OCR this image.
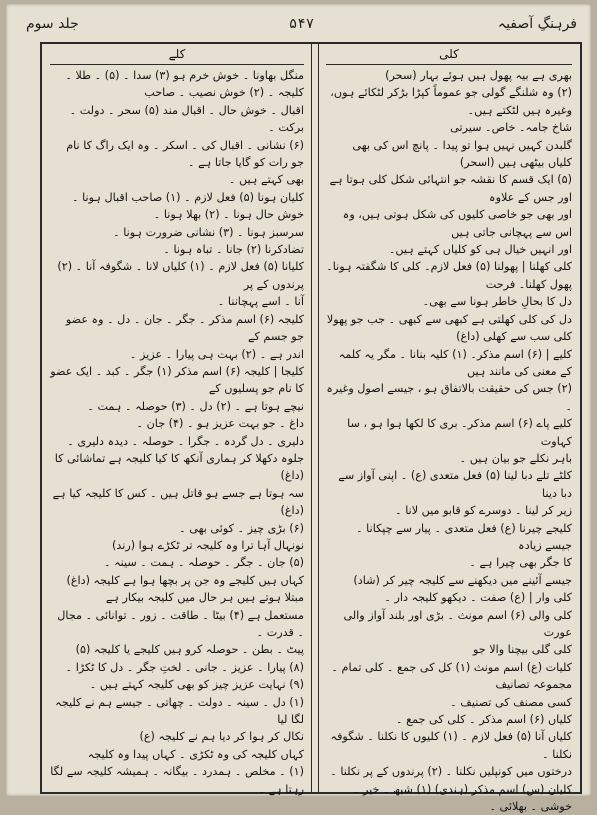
فرہنگِ آصفیہ
۵۴۷
جلد سوم
کلی
بھری ہے بیہ پھول ہیں ہوئے بہار (سحر)
(۲) وہ شلنگے گولی جو عموماً کپڑا بڑکر لٹکائے ہوں، وغیرہ ہیں لٹکتے ہیں۔
شاخ جامہ۔ خاص۔ سیرتی
گلبدن کہیں نہیں ہوا تو پیدا ۔ پانچ اس کی بھی کلیاں بیٹھی ہیں (اسحر)
(۵) ایک قسم کا نقشہ جو انتہائی شکل کلی ہوتا ہے اور جس کے علاوہ
اور بھی جو خاصی کلیوں کی شکل ہوتی ہیں، وہ اس سے پہچانی جاتی ہیں
اور انہیں خیال ہی کو کلیاں کہتے ہیں۔
کلی کھلنا | پھولنا (۵) فعل لازم۔ کلی کا شگفتہ ہونا۔ پھول کھلنا۔ فرحت
دل کا بحالِ خاطر ہونا سے بھی۔
دل کی کلی کھلتی ہے کبھی سے کبھی ۔ جب جو پھولا کلی سب سے کھلی (داغ)
کلیے | (۶) اسم مذکر۔ (۱) کلیہ بنانا ۔ مگر یہ کلمہ کے معنی کی مانند ہیں
(۲) جس کی حقیقت بالاتفاق ہو ، جیسے اصول وغیرہ ۔
کلیے پاے (۶) اسم مذکر۔ بری کا لکھا ہوا ہو ، سا کہاوت
باہر نکلے جو بیان ہیں ۔
کلٹے تلے دبا لینا (۵) فعل متعدی (ع) ۔ اپنی آواز سے دبا دینا
زیر کر لینا ۔ دوسرے کو قابو میں لانا ۔
کلیجے چیرنا (ع) فعل متعدی ۔ پیار سے چپکانا ۔ جیسے زیادہ
کا جگر بھی چیرا ہے ۔
جیسے آئینے میں دیکھنے سے کلیجہ چیر کر (شاد)
کلی وار | (ع) صفت ۔ دیکھو کلیجہ دار ۔
کلی والی (۶) اسم مونث ۔ بڑی اور بلند آواز والی عورت
کلی گلی بیچنا والا جو
کلیات (ع) اسم مونث (۱) کل کی جمع ۔ کلی تمام ۔ مجموعہ تصانیف
کسی مصنف کی تصنیف ۔
کلیاں (۶) اسم مذکر ۔ کلی کی جمع ۔
کلیاں آنا (۵) فعل لازم ۔ (۱) کلیوں کا نکلنا ۔ شگوفہ نکلنا ۔
درختوں میں کونپلیں نکلنا ۔ (۲) پرندوں کے پر نکلنا ۔
کلیان (س) اسم مذکر (ہندی) (۱) شبھ ۔ خیر ۔ خوشی ۔ بھلائی ۔
کلے
منگل بھاونا ۔ خوش خرم ہو (۳) سدا ۔ (۵) ۔ طلا ۔ کلیجہ ۔ (۲) خوش نصیب ۔ صاحب
اقبال ۔ خوش حال ۔ اقبال مند (۵) سحر ۔ دولت ۔ برکت ۔
(۶) نشانی ۔ اقبال کی ۔ اسکر ۔ وہ ایک راگ کا نام جو رات کو گایا جاتا ہے ۔
بھی کہتے ہیں ۔
کلیان ہونا (۵) فعل لازم ۔ (۱) صاحب اقبال ہونا ۔ خوش حال ہونا ۔ (۲) بھلا ہونا ۔
سرسبز ہونا ۔ (۳) نشانی ضرورت ہونا ۔
تضادکرنا (۲) جانا ۔ تباہ ہونا ۔
کلیانا (۵) فعل لازم ۔ (۱) کلیاں لانا ۔ شگوفہ آنا ۔ (۲) پرندوں کے پر
آنا ۔ اسے پہچاننا ۔
کلیجہ (۶) اسم مذکر ۔ جگر ۔ جان ۔ دل ۔ وہ عضو جو جسم کے
اندر ہے ۔ (۲) بہت ہی پیارا ۔ عزیز ۔
کلیجا | کلیجہ (۶) اسم مذکر (۱) جگر ۔ کبد ۔ ایک عضو کا نام جو پسلیوں کے
نیچے ہوتا ہے ۔ (۲) دل ۔ (۳) حوصلہ ۔ ہمت ۔
داغ ۔ جو بہت عزیز ہو ۔ (۴) جان ۔
دلیری ۔ دل گردہ ۔ جگرا ۔ حوصلہ ۔ دیدہ دلیری ۔
جلوہ دکھلا کر ہماری آنکھ کا کیا کلیجہ ہے تماشائی کا (داغ)
سہ ہوتا ہے جسے ہو قاتل ہیں ۔ کس کا کلیجہ کیا ہے (داغ)
(۶) بڑی چیز ۔ کوئی بھی ۔
نونہال آہا ترا وہ کلیجہ تر ٹکڑے ہوا (رند)
(۵) جان ۔ جگر ۔ حوصلہ ۔ ہمت ۔ سینہ ۔
کہاں ہیں کلیجے وہ جن پر بچھا ہوا ہے کلیجہ (داغ)
مبتلا ہوتے ہیں ہر حال میں کلیجہ بیکار ہے
مستعمل ہے (۴) بیٹا ۔ طاقت ۔ زور ۔ توانائی ۔ مجال ۔ قدرت ۔
پیٹ ۔ بطن ۔ حوصلہ کرو ہیں کلیجے یا کلیجہ (۵)
(۸) پیارا ۔ عزیز ۔ جانی ۔ لختِ جگر ۔ دل کا ٹکڑا ۔
(۹) نہایت عزیز چیز کو بھی کلیجہ کہتے ہیں ۔
(۱) دل ۔ سینہ ۔ دولت ۔ چھاتی ۔ جیسے ہم نے کلیجہ لگا لیا
نکال کر ہوا کر دیا ہم نے کلیجہ (ع)
کہاں کلیجہ کی وہ ٹکڑی ۔ کہاں پیدا وہ کلیجہ
(۱) ۔ مخلص ۔ ہمدرد ۔ بیگانہ ۔ ہمیشہ کلیجہ سے لگا رہتا ہے ۔
